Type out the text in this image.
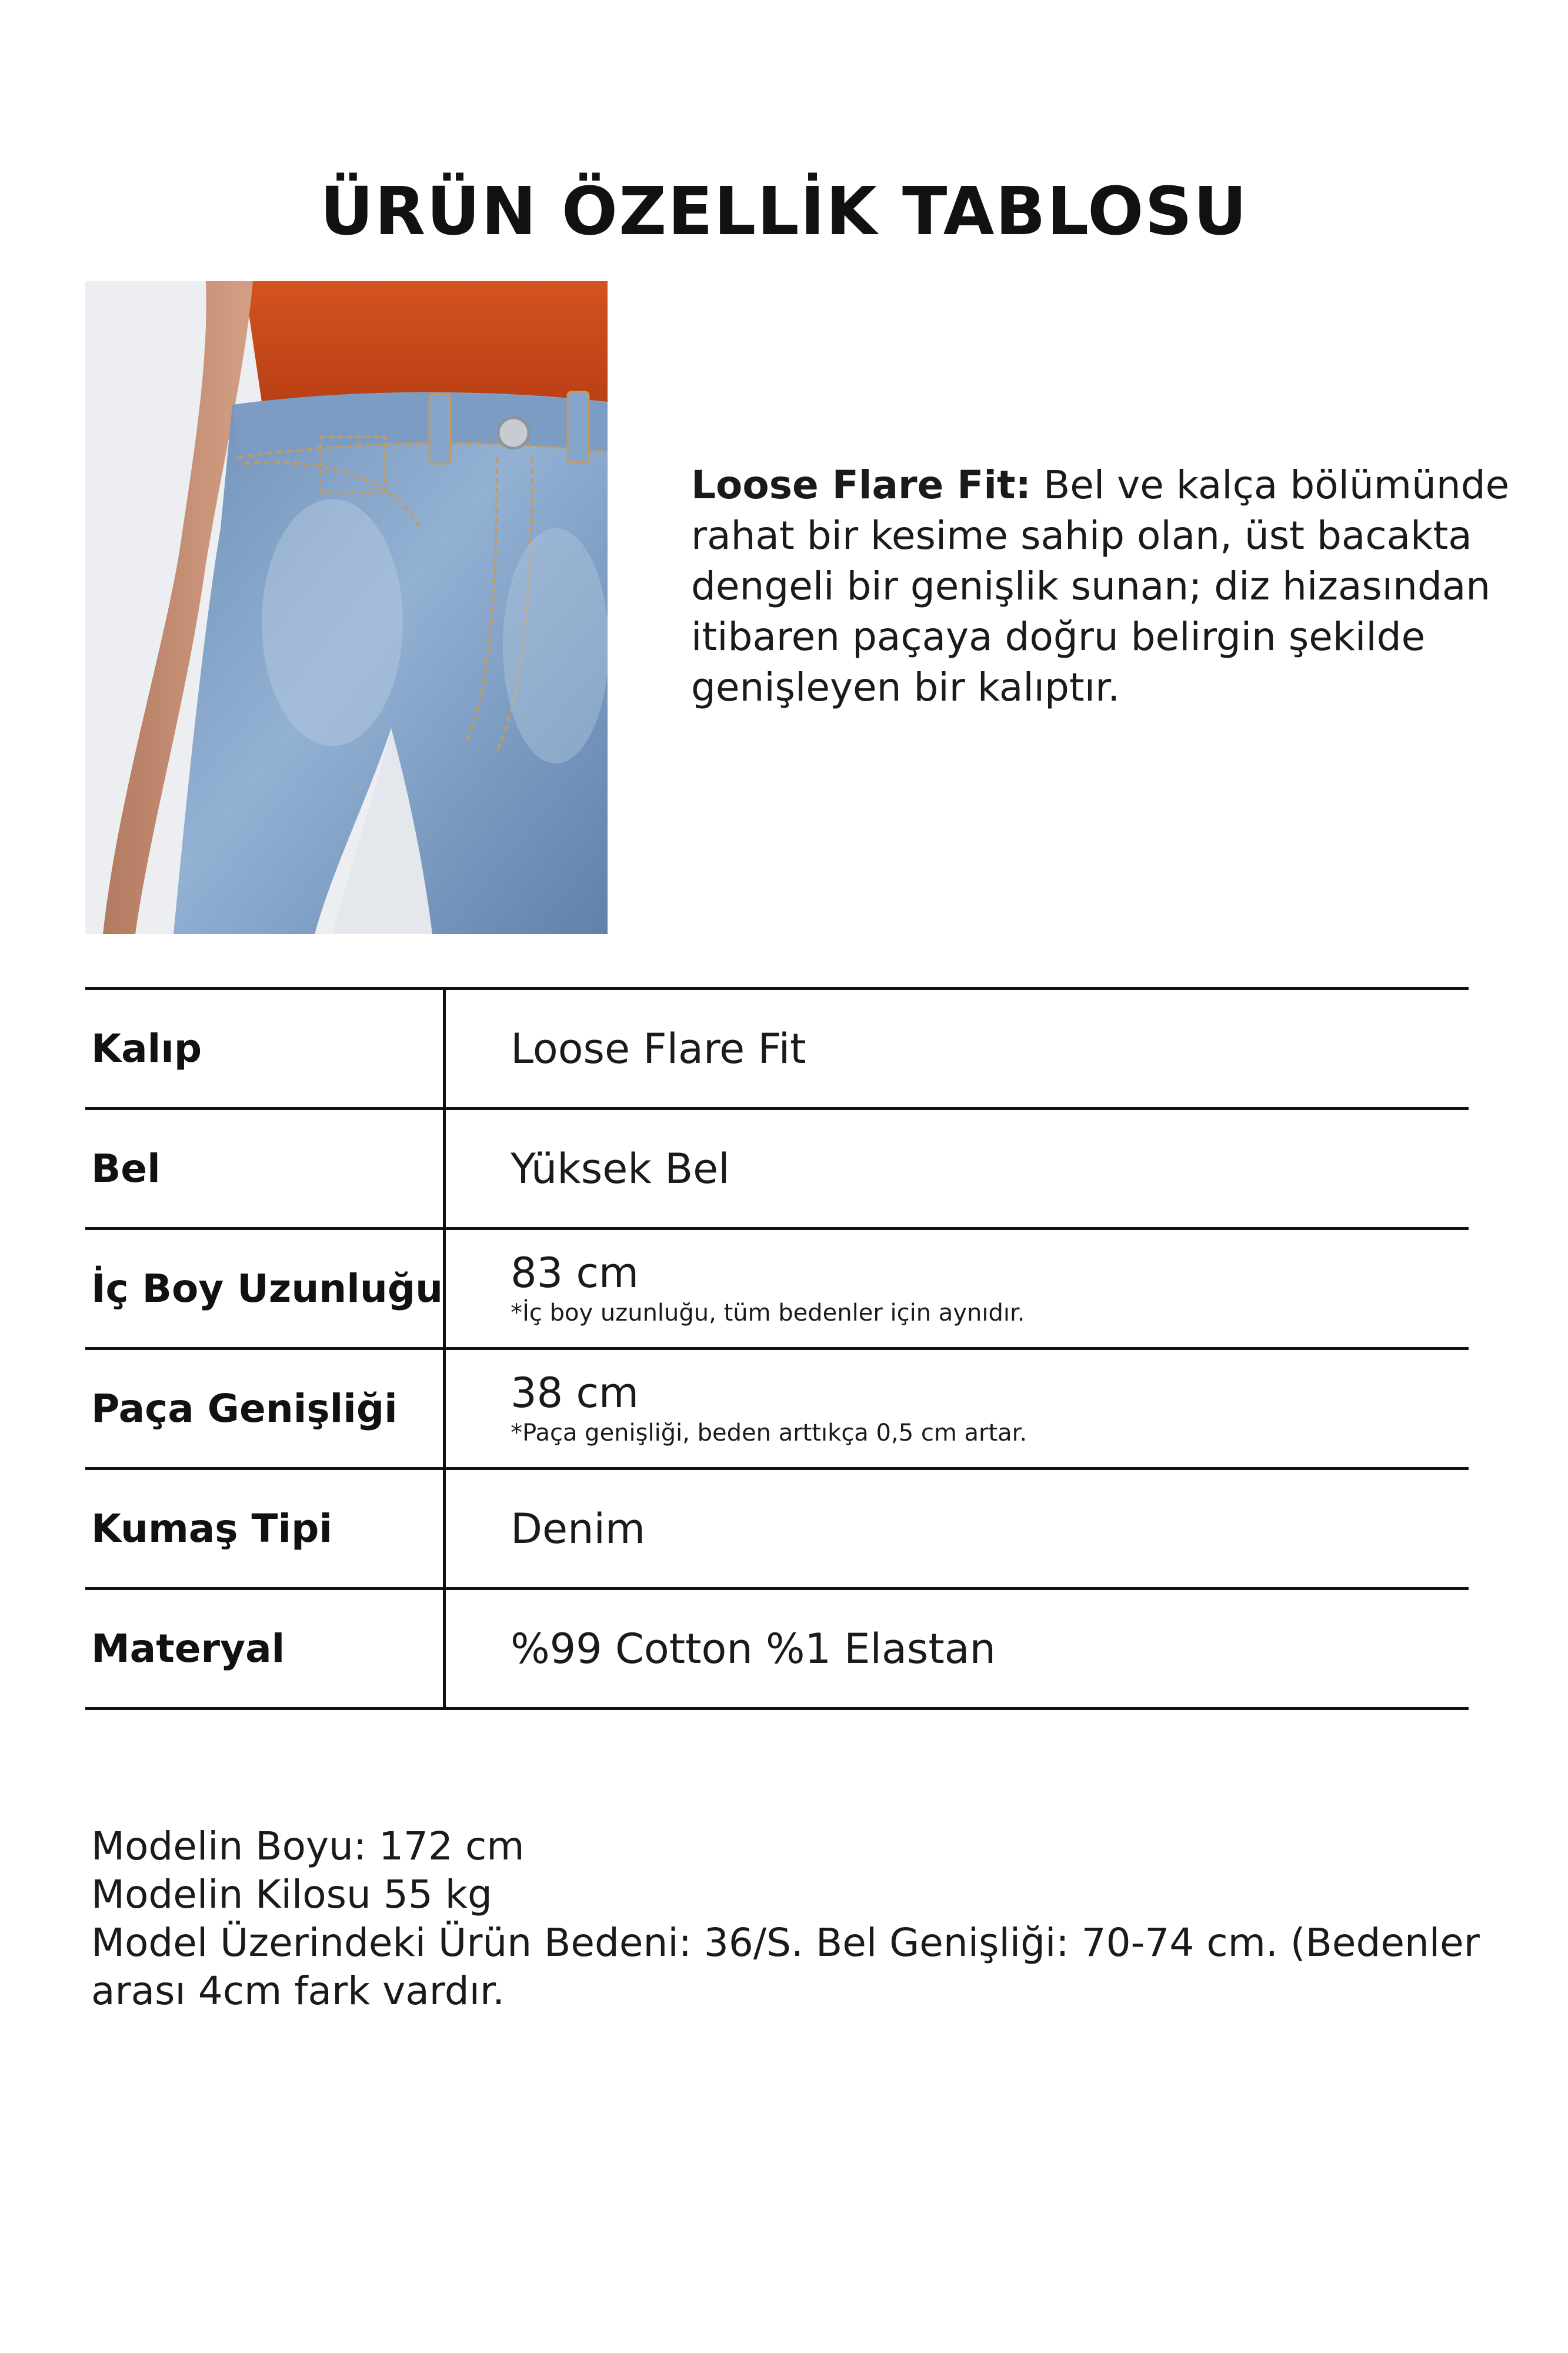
ÜRÜN ÖZELLİK TABLOSU
Loose Flare Fit: Bel ve kalça bölümünde rahat bir kesime sahip olan, üst bacakta dengeli bir genişlik sunan; diz hizasından itibaren paçaya doğru belirgin şekilde genişleyen bir kalıptır.
Kalıp	Loose Flare Fit

Bel	Yüksek Bel

İç Boy Uzunluğu	83 cm
*İç boy uzunluğu, tüm bedenler için aynıdır.

Paça Genişliği	38 cm
*Paça genişliği, beden arttıkça 0,5 cm artar.

Kumaş Tipi	Denim

Materyal	%99 Cotton %1 Elastan

Modelin Boyu: 172 cm

Modelin Kilosu 55 kg

Model Üzerindeki Ürün Bedeni: 36/S. Bel Genişliği: 70-74 cm. (Bedenler arası 4cm fark vardır.
